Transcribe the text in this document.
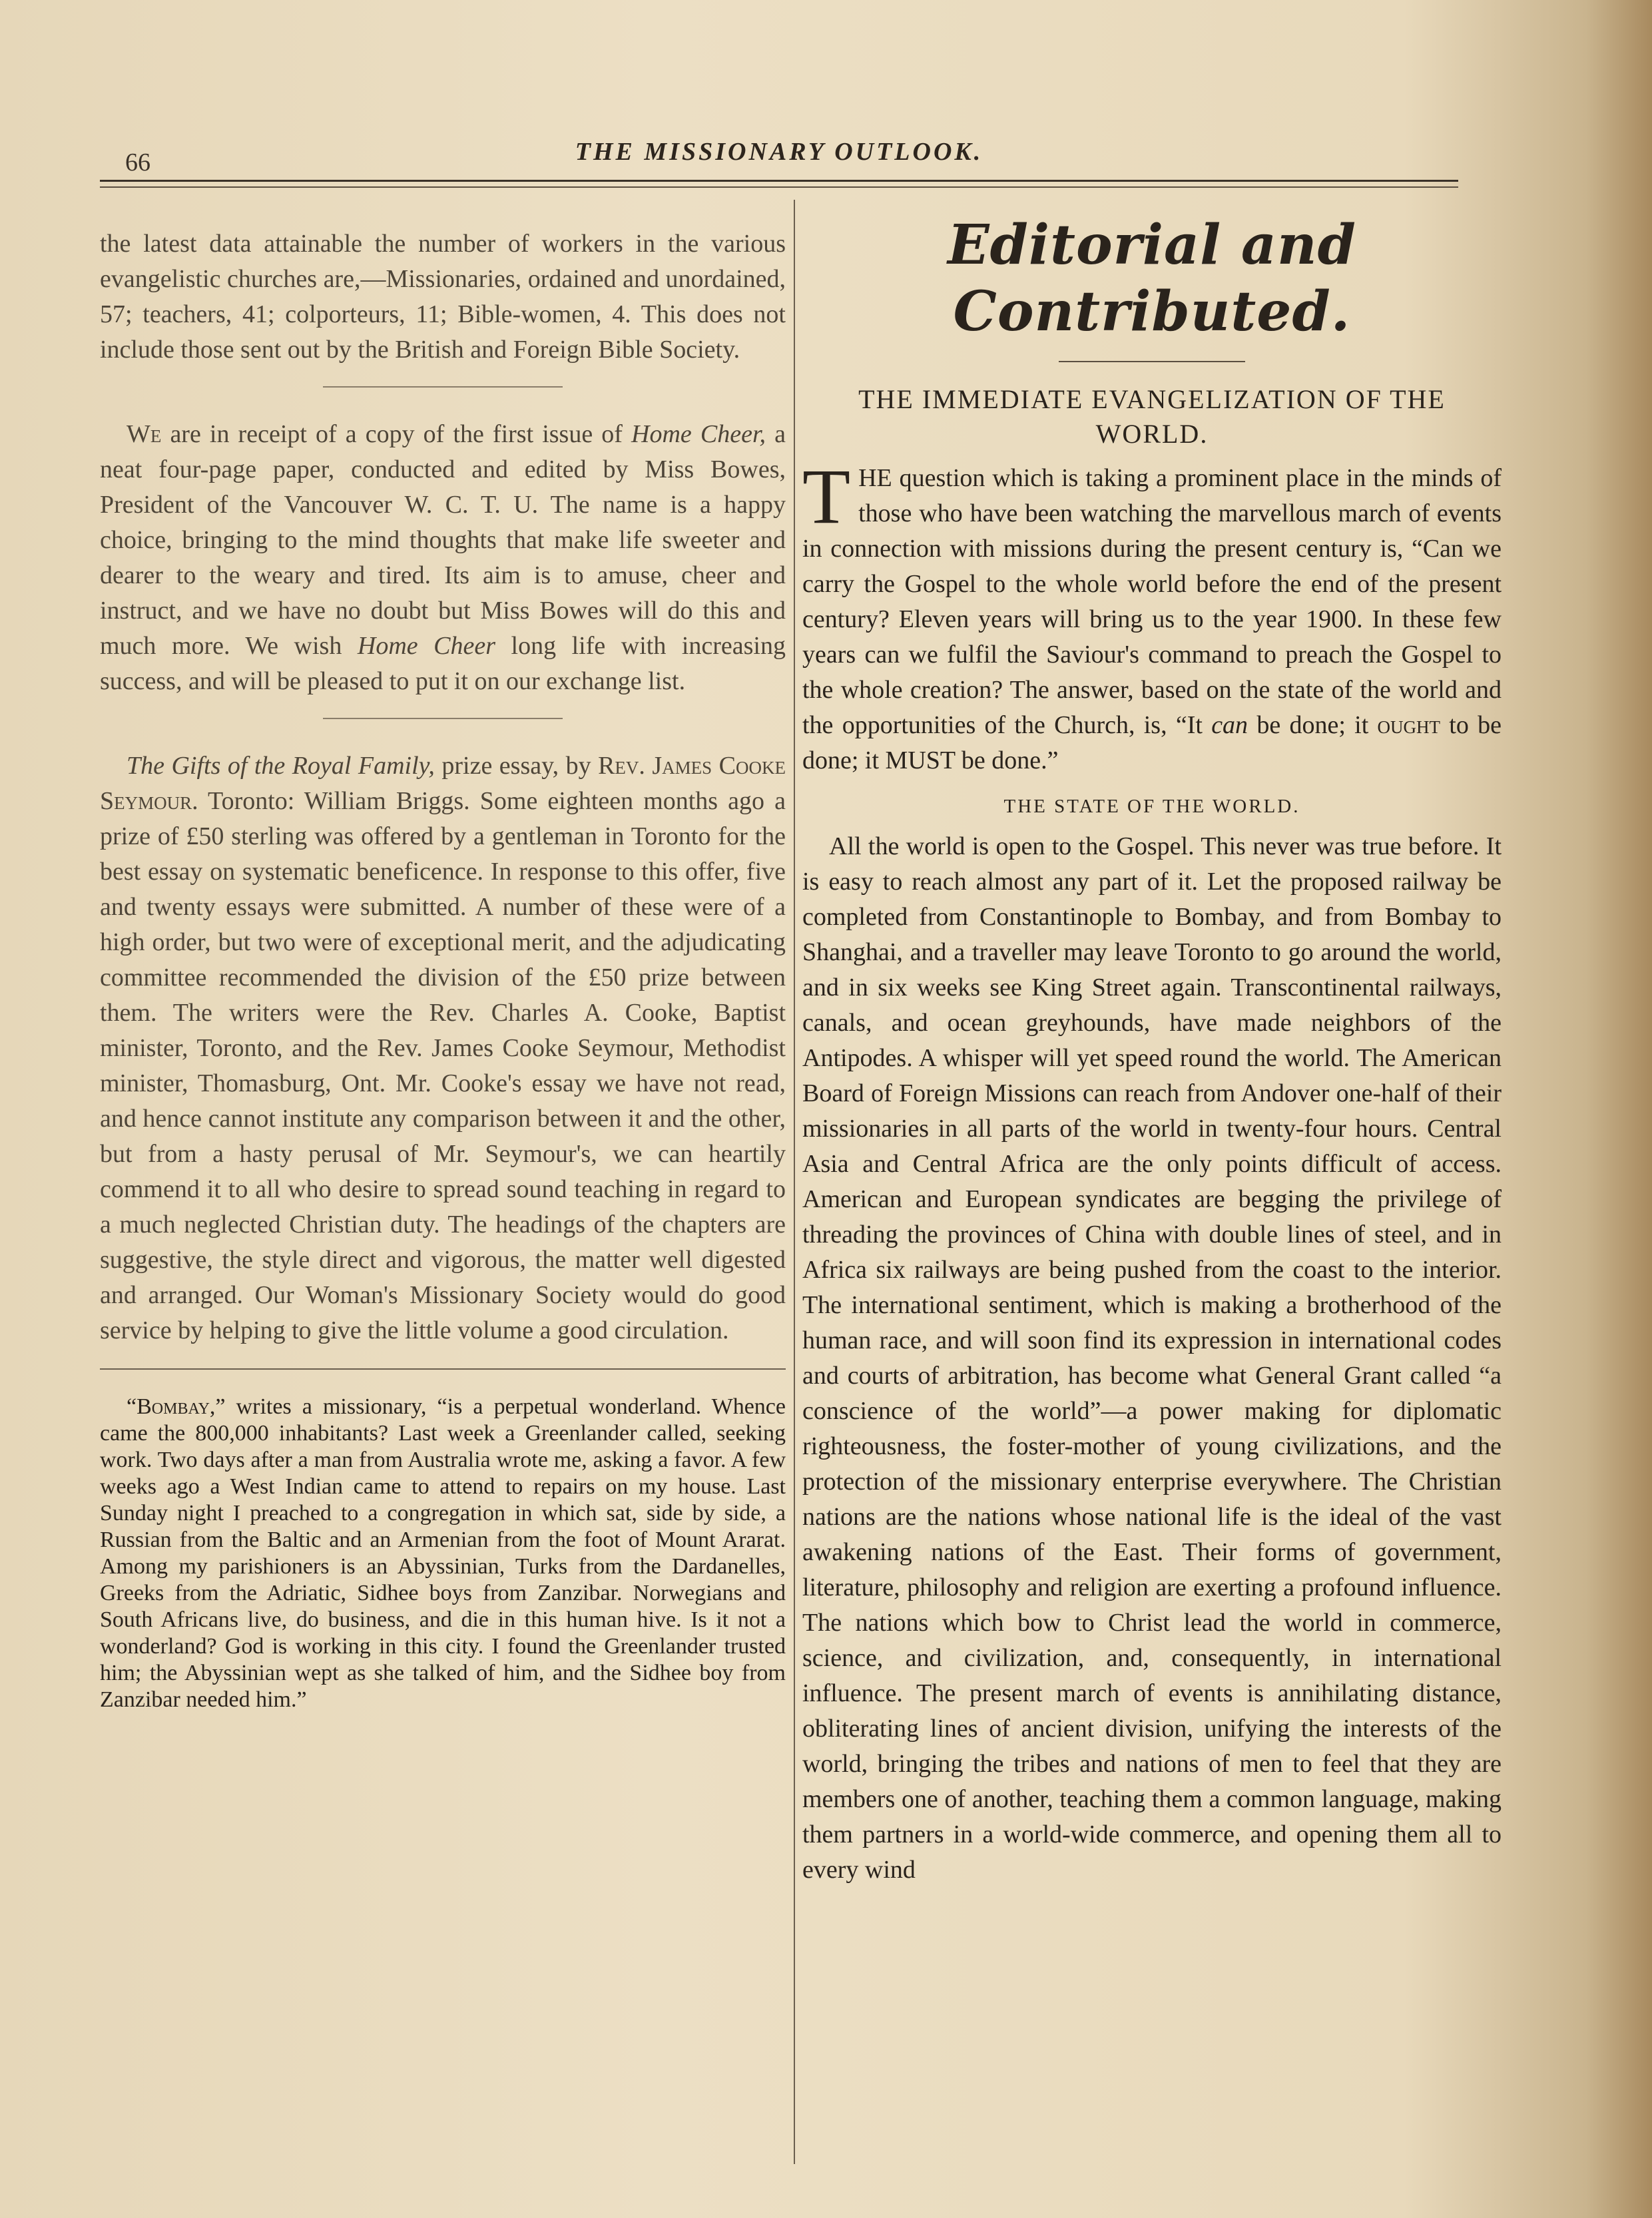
66	THE MISSIONARY OUTLOOK.

the latest data attainable the number of workers in the various evangelistic churches are,—Missionaries, ordained and unordained, 57; teachers, 41; colporteurs, 11; Bible-women, 4. This does not include those sent out by the British and Foreign Bible Society.

We are in receipt of a copy of the first issue of Home Cheer, a neat four-page paper, conducted and edited by Miss Bowes, President of the Vancouver W. C. T. U. The name is a happy choice, bringing to the mind thoughts that make life sweeter and dearer to the weary and tired. Its aim is to amuse, cheer and instruct, and we have no doubt but Miss Bowes will do this and much more. We wish Home Cheer long life with increasing success, and will be pleased to put it on our exchange list.

The Gifts of the Royal Family, prize essay, by Rev. James Cooke Seymour. Toronto: William Briggs. Some eighteen months ago a prize of £50 sterling was offered by a gentleman in Toronto for the best essay on systematic beneficence. In response to this offer, five and twenty essays were submitted. A number of these were of a high order, but two were of exceptional merit, and the adjudicating committee recommended the division of the £50 prize between them. The writers were the Rev. Charles A. Cooke, Baptist minister, Toronto, and the Rev. James Cooke Seymour, Methodist minister, Thomasburg, Ont. Mr. Cooke's essay we have not read, and hence cannot institute any comparison between it and the other, but from a hasty perusal of Mr. Seymour's, we can heartily commend it to all who desire to spread sound teaching in regard to a much neglected Christian duty. The headings of the chapters are suggestive, the style direct and vigorous, the matter well digested and arranged. Our Woman's Missionary Society would do good service by helping to give the little volume a good circulation.

“Bombay,” writes a missionary, “is a perpetual wonderland. Whence came the 800,000 inhabitants? Last week a Greenlander called, seeking work. Two days after a man from Australia wrote me, asking a favor. A few weeks ago a West Indian came to attend to repairs on my house. Last Sunday night I preached to a congregation in which sat, side by side, a Russian from the Baltic and an Armenian from the foot of Mount Ararat. Among my parishioners is an Abyssinian, Turks from the Dardanelles, Greeks from the Adriatic, Sidhee boys from Zanzibar. Norwegians and South Africans live, do business, and die in this human hive. Is it not a wonderland? God is working in this city. I found the Greenlander trusted him; the Abyssinian wept as she talked of him, and the Sidhee boy from Zanzibar needed him.”

Editorial and Contributed.
THE IMMEDIATE EVANGELIZATION OF THE WORLD.

THE question which is taking a prominent place in the minds of those who have been watching the marvellous march of events in connection with missions during the present century is, “Can we carry the Gospel to the whole world before the end of the present century? Eleven years will bring us to the year 1900. In these few years can we fulfil the Saviour's command to preach the Gospel to the whole creation? The answer, based on the state of the world and the opportunities of the Church, is, “It can be done; it ought to be done; it MUST be done.”

THE STATE OF THE WORLD.

All the world is open to the Gospel. This never was true before. It is easy to reach almost any part of it. Let the proposed railway be completed from Constantinople to Bombay, and from Bombay to Shanghai, and a traveller may leave Toronto to go around the world, and in six weeks see King Street again. Transcontinental railways, canals, and ocean greyhounds, have made neighbors of the Antipodes. A whisper will yet speed round the world. The American Board of Foreign Missions can reach from Andover one-half of their missionaries in all parts of the world in twenty-four hours. Central Asia and Central Africa are the only points difficult of access. American and European syndicates are begging the privilege of threading the provinces of China with double lines of steel, and in Africa six railways are being pushed from the coast to the interior. The international sentiment, which is making a brotherhood of the human race, and will soon find its expression in international codes and courts of arbitration, has become what General Grant called “a conscience of the world”—a power making for diplomatic righteousness, the foster-mother of young civilizations, and the protection of the missionary enterprise everywhere. The Christian nations are the nations whose national life is the ideal of the vast awakening nations of the East. Their forms of government, literature, philosophy and religion are exerting a profound influence. The nations which bow to Christ lead the world in commerce, science, and civilization, and, consequently, in international influence. The present march of events is annihilating distance, obliterating lines of ancient division, unifying the interests of the world, bringing the tribes and nations of men to feel that they are members one of another, teaching them a common language, making them partners in a world-wide commerce, and opening them all to every wind
